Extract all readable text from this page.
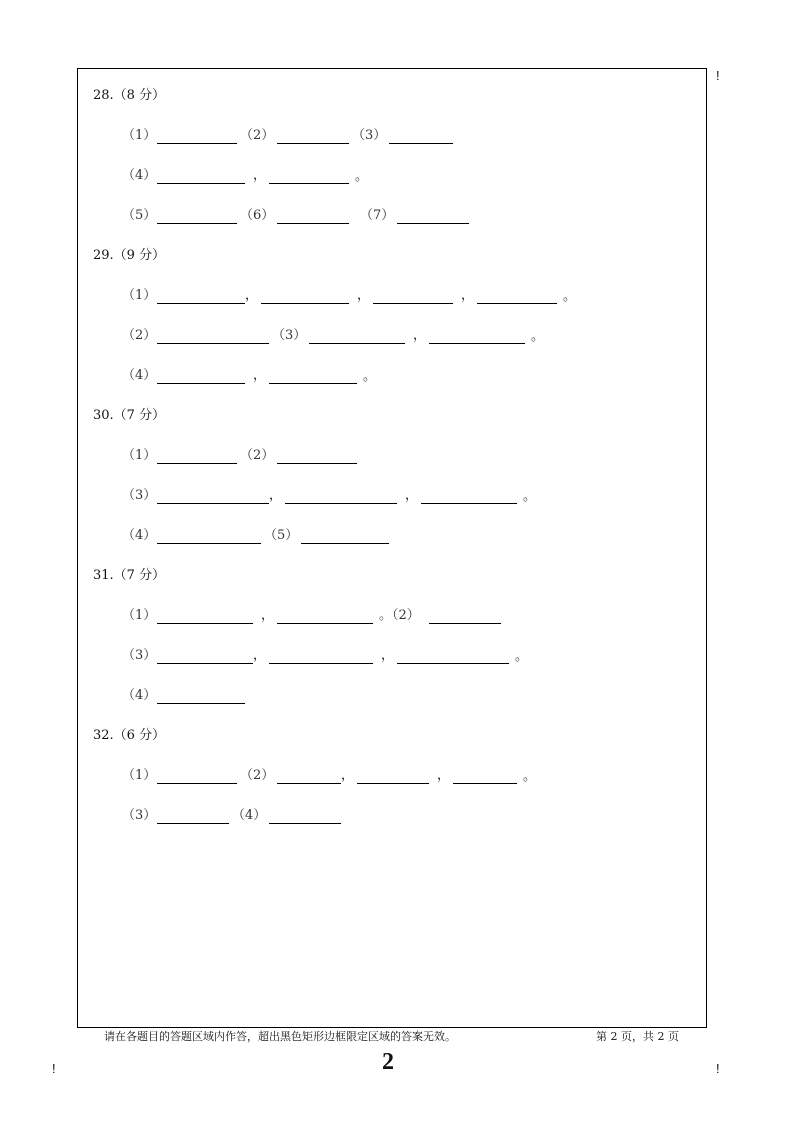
!
!	!
28.（8 分）
（1）	（2）	（3）
（4）	，	。
（5）	（6）	（7）
29.（9 分）
（1）	，	，	，	。
（2）	（3）	，	。
（4）	，	。
30.（7 分）
（1）	（2）
（3）	，	，	。
（4）	（5）
31.（7 分）
（1）	，	。（2）
（3）	，	，	。
（4）
32.（6 分）
（1）	（2）	，	，	。
（3）	（4）
请在各题目的答题区域内作答，超出黑色矩形边框限定区域的答案无效。	第 2 页，共 2 页
2
